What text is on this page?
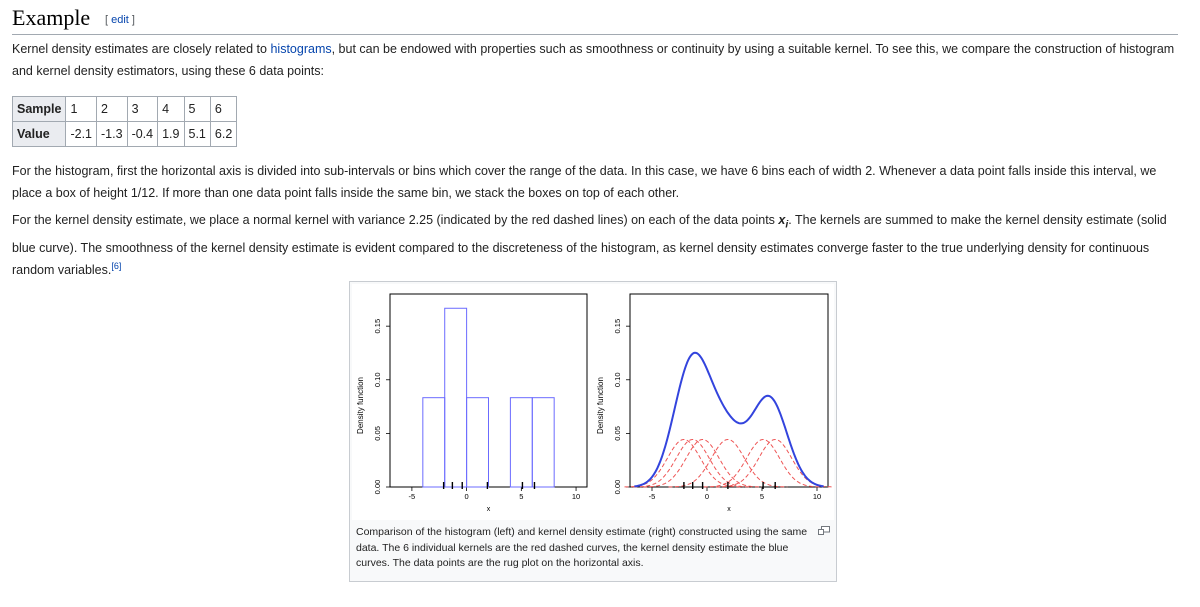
Example [ edit ]

Kernel density estimates are closely related to histograms, but can be endowed with properties such as smoothness or continuity by using a suitable kernel. To see this, we compare the construction of histogram and kernel density estimators, using these 6 data points:

Sample	1	2	3	4	5	6
Value	-2.1	-1.3	-0.4	1.9	5.1	6.2

For the histogram, first the horizontal axis is divided into sub-intervals or bins which cover the range of the data. In this case, we have 6 bins each of width 2. Whenever a data point falls inside this interval, we place a box of height 1/12. If more than one data point falls inside the same bin, we stack the boxes on top of each other.

For the kernel density estimate, we place a normal kernel with variance 2.25 (indicated by the red dashed lines) on each of the data points $x_i$. The kernels are summed to make the kernel density estimate (solid blue curve). The smoothness of the kernel density estimate is evident compared to the discreteness of the histogram, as kernel density estimates converge faster to the true underlying density for continuous random variables.[6]

-5	0	5	10
0.00
0.05
0.10
0.15
x
Density function
-5	0	5	10
0.00
0.05
0.10
0.15
x
Density function
Comparison of the histogram (left) and kernel density estimate (right) constructed using the same data. The 6 individual kernels are the red dashed curves, the kernel density estimate the blue curves. The data points are the rug plot on the horizontal axis.
